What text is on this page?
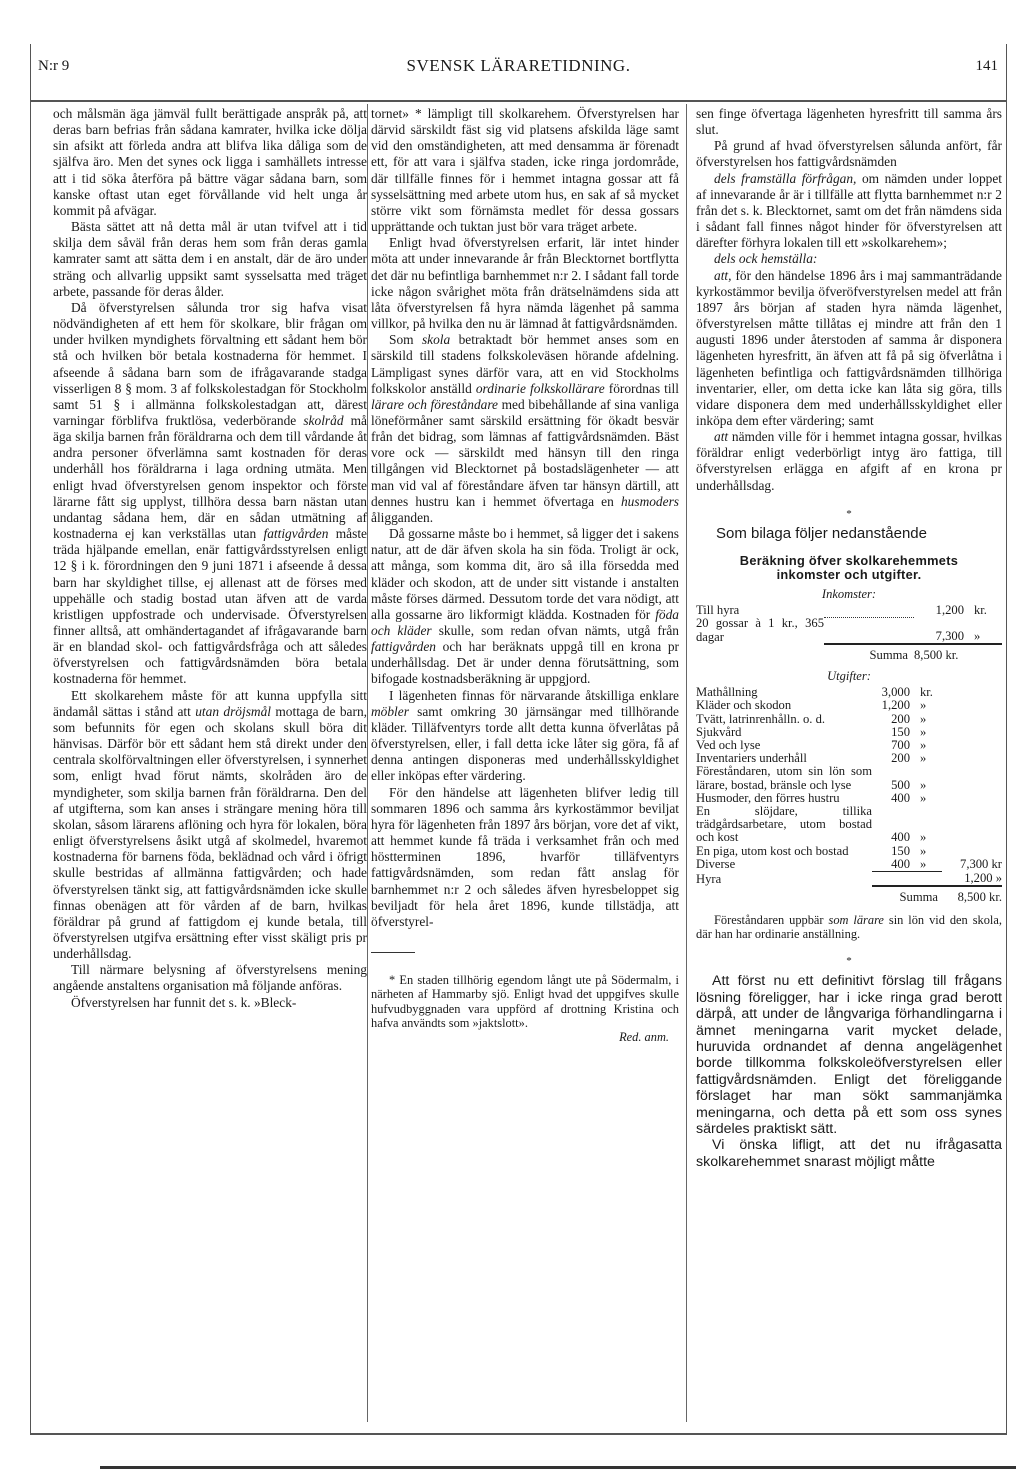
N:r 9	SVENSK LÄRARETIDNING.	141

och målsmän äga jämväl fullt berättigade anspråk på, att deras barn befrias från sådana kamrater, hvilka icke dölja sin afsikt att förleda andra att blifva lika dåliga som de själfva äro. Men det synes ock ligga i samhällets intresse att i tid söka återföra på bättre vägar sådana barn, som kanske oftast utan eget förvållande vid helt unga år kommit på afvägar.

Bästa sättet att nå detta mål är utan tvifvel att i tid skilja dem såväl från deras hem som från deras gamla kamrater samt att sätta dem i en anstalt, där de äro under sträng och allvarlig uppsikt samt sysselsatta med träget arbete, passande för deras ålder.

Då öfverstyrelsen sålunda tror sig hafva visat nödvändigheten af ett hem för skolkare, blir frågan om under hvilken myndighets förvaltning ett sådant hem bör stå och hvilken bör betala kostnaderna för hemmet. I afseende å sådana barn som de ifrågavarande stadga visserligen 8 § mom. 3 af folkskolestadgan för Stockholm samt 51 § i allmänna folkskolestadgan att, därest varningar förblifva fruktlösa, vederbörande skolråd må äga skilja barnen från föräldrarna och dem till vårdande åt andra personer öfverlämna samt kostnaden för deras underhåll hos föräldrarna i laga ordning utmäta. Men enligt hvad öfverstyrelsen genom inspektor och förste lärarne fått sig upplyst, tillhöra dessa barn nästan utan undantag sådana hem, där en sådan utmätning af kostnaderna ej kan verkställas utan fattigvården måste träda hjälpande emellan, enär fattigvårdsstyrelsen enligt 12 § i k. förordningen den 9 juni 1871 i afseende å dessa barn har skyldighet tillse, ej allenast att de förses med uppehälle och stadig bostad utan äfven att de varda kristligen uppfostrade och undervisade. Öfverstyrelsen finner alltså, att omhändertagandet af ifrågavarande barn är en blandad skol- och fattigvårdsfråga och att således öfverstyrelsen och fattigvårdsnämden böra betala kostnaderna för hemmet.

Ett skolkarehem måste för att kunna uppfylla sitt ändamål sättas i stånd att utan dröjsmål mottaga de barn, som befunnits för egen och skolans skull böra dit hänvisas. Därför bör ett sådant hem stå direkt under den centrala skolförvaltningen eller öfverstyrelsen, i synnerhet som, enligt hvad förut nämts, skolråden äro de myndigheter, som skilja barnen från föräldrarna. Den del af utgifterna, som kan anses i strängare mening höra till skolan, såsom lärarens aflöning och hyra för lokalen, böra enligt öfverstyrelsens åsikt utgå af skolmedel, hvaremot kostnaderna för barnens föda, beklädnad och vård i öfrigt skulle bestridas af allmänna fattigvården; och hade öfverstyrelsen tänkt sig, att fattigvårdsnämden icke skulle finnas obenägen att för vården af de barn, hvilkas föräldrar på grund af fattigdom ej kunde betala, till öfverstyrelsen utgifva ersättning efter visst skäligt pris pr underhållsdag.

Till närmare belysning af öfverstyrelsens mening angående anstaltens organisation må följande anföras.

Öfverstyrelsen har funnit det s. k. »Bleck-

tornet» * lämpligt till skolkarehem. Öfverstyrelsen har därvid särskildt fäst sig vid platsens afskilda läge samt vid den omständigheten, att med densamma är förenadt ett, för att vara i själfva staden, icke ringa jordområde, där tillfälle finnes för i hemmet intagna gossar att få sysselsättning med arbete utom hus, en sak af så mycket större vikt som förnämsta medlet för dessa gossars upprättande och tuktan just bör vara träget arbete.

Enligt hvad öfverstyrelsen erfarit, lär intet hinder möta att under innevarande år från Blecktornet bortflytta det där nu befintliga barnhemmet n:r 2. I sådant fall torde icke någon svårighet möta från drätselnämdens sida att låta öfverstyrelsen få hyra nämda lägenhet på samma villkor, på hvilka den nu är lämnad åt fattigvårdsnämden.

Som skola betraktadt bör hemmet anses som en särskild till stadens folkskoleväsen hörande afdelning. Lämpligast synes därför vara, att en vid Stockholms folkskolor anställd ordinarie folkskollärare förordnas till lärare och föreståndare med bibehållande af sina vanliga löneförmåner samt särskild ersättning för ökadt besvär från det bidrag, som lämnas af fattigvårdsnämden. Bäst vore ock — särskildt med hänsyn till den ringa tillgången vid Blecktornet på bostadslägenheter — att man vid val af föreståndare äfven tar hänsyn därtill, att dennes hustru kan i hemmet öfvertaga en husmoders åligganden.

Då gossarne måste bo i hemmet, så ligger det i sakens natur, att de där äfven skola ha sin föda. Troligt är ock, att många, som komma dit, äro så illa försedda med kläder och skodon, att de under sitt vistande i anstalten måste förses därmed. Dessutom torde det vara nödigt, att alla gossarne äro likformigt klädda. Kostnaden för föda och kläder skulle, som redan ofvan nämts, utgå från fattigvården och har beräknats uppgå till en krona pr underhållsdag. Det är under denna förutsättning, som bifogade kostnadsberäkning är uppgjord.

I lägenheten finnas för närvarande åtskilliga enklare möbler samt omkring 30 järnsängar med tillhörande kläder. Tilläfventyrs torde allt detta kunna öfverlåtas på öfverstyrelsen, eller, i fall detta icke låter sig göra, få af denna antingen disponeras med underhållsskyldighet eller inköpas efter värdering.

För den händelse att lägenheten blifver ledig till sommaren 1896 och samma års kyrkostämmor beviljat hyra för lägenheten från 1897 års början, vore det af vikt, att hemmet kunde få träda i verksamhet från och med höstterminen 1896, hvarför tilläfventyrs fattigvårdsnämden, som redan fått anslag för barnhemmet n:r 2 och således äfven hyresbeloppet sig beviljadt för hela året 1896, kunde tillstädja, att öfverstyrel-

* En staden tillhörig egendom långt ute på Södermalm, i närheten af Hammarby sjö. Enligt hvad det uppgifves skulle hufvudbyggnaden vara uppförd af drottning Kristina och hafva användts som »jaktslott».

Red. anm.

sen finge öfvertaga lägenheten hyresfritt till samma års slut.

På grund af hvad öfverstyrelsen sålunda anfört, får öfverstyrelsen hos fattigvårdsnämden

dels framställa förfrågan, om nämden under loppet af innevarande år är i tillfälle att flytta barnhemmet n:r 2 från det s. k. Blecktornet, samt om det från nämdens sida i sådant fall finnes något hinder för öfverstyrelsen att därefter förhyra lokalen till ett »skolkarehem»;

dels ock hemställa:

att, för den händelse 1896 års i maj sammanträdande kyrkostämmor bevilja öfveröfverstyrelsen medel att från 1897 års början af staden hyra nämda lägenhet, öfverstyrelsen måtte tillåtas ej mindre att från den 1 augusti 1896 under återstoden af samma år disponera lägenheten hyresfritt, än äfven att få på sig öfverlåtna i lägenheten befintliga och fattigvårdsnämden tillhöriga inventarier, eller, om detta icke kan låta sig göra, tills vidare disponera dem med underhållsskyldighet eller inköpa dem efter värdering; samt

att nämden ville för i hemmet intagna gossar, hvilkas föräldrar enligt vederbörligt intyg äro fattiga, till öfverstyrelsen erlägga en afgift af en krona pr underhållsdag.

*
Som bilaga följer nedanstående
Beräkning öfver skolkarehemmets
inkomster och utgifter.
Inkomster:
Till hyra		1,200	kr.
20 gossar à 1 kr., 365 dagar		7,300	»
	Summa	8,500 kr.	
Utgifter:
Mathållning	3,000	kr.	
Kläder och skodon	1,200	»	
Tvätt, latrinrenhålln. o. d.	200	»	
Sjukvård	150	»	
Ved och lyse	700	»	
Inventariers underhåll	200	»	
Föreståndaren, utom sin lön som lärare, bostad, bränsle och lyse	500	»	
Husmoder, den förres hustru	400	»	
En slöjdare, tillika trädgårdsarbetare, utom bostad och kost	400	»	
En piga, utom kost och bostad	150	»	
Diverse	400	»	7,300 kr
Hyra			1,200 »
	Summa		8,500 kr.

Föreståndaren uppbär som lärare sin lön vid den skola, där han har ordinarie anställning.

*

Att först nu ett definitivt förslag till frågans lösning föreligger, har i icke ringa grad berott därpå, att under de långvariga förhandlingarna i ämnet meningarna varit mycket delade, huruvida ordnandet af denna angelägenhet borde tillkomma folkskoleöfverstyrelsen eller fattigvårdsnämden. Enligt det föreliggande förslaget har man sökt sammanjämka meningarna, och detta på ett som oss synes särdeles praktiskt sätt.

Vi önska lifligt, att det nu ifrågasatta skolkarehemmet snarast möjligt måtte
